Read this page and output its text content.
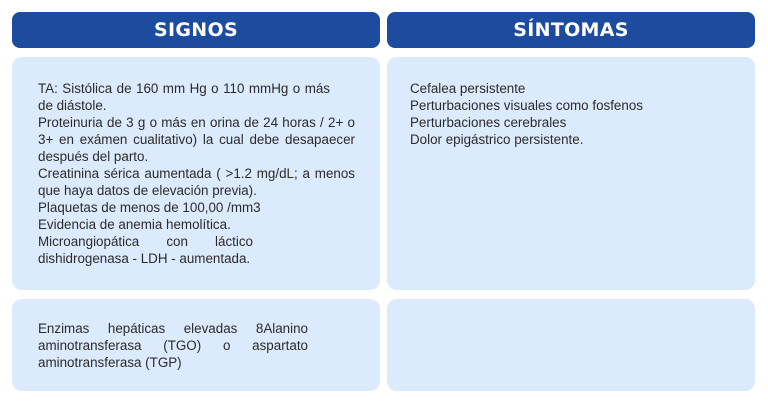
SIGNOS	SÍNTOMAS
TA: Sistólica de 160 mm Hg o 110 mmHg o más de diástole.
Proteinuria de 3 g o más en orina de 24 horas / 2+ o 3+ en exámen cualitativo) la cual debe desapaecer después del parto.
Creatinina sérica aumentada ( >1.2 mg/dL; a menos que haya datos de elevación previa).
Plaquetas de menos de 100,00 /mm3
Evidencia de anemia hemolítica.
Microangiopática con láctico dishidrogenasa - LDH - aumentada.
Cefalea persistente
Perturbaciones visuales como fosfenos
Perturbaciones cerebrales
Dolor epigástrico persistente.
Enzimas hepáticas elevadas 8Alanino aminotransferasa (TGO) o aspartato aminotransferasa (TGP)
